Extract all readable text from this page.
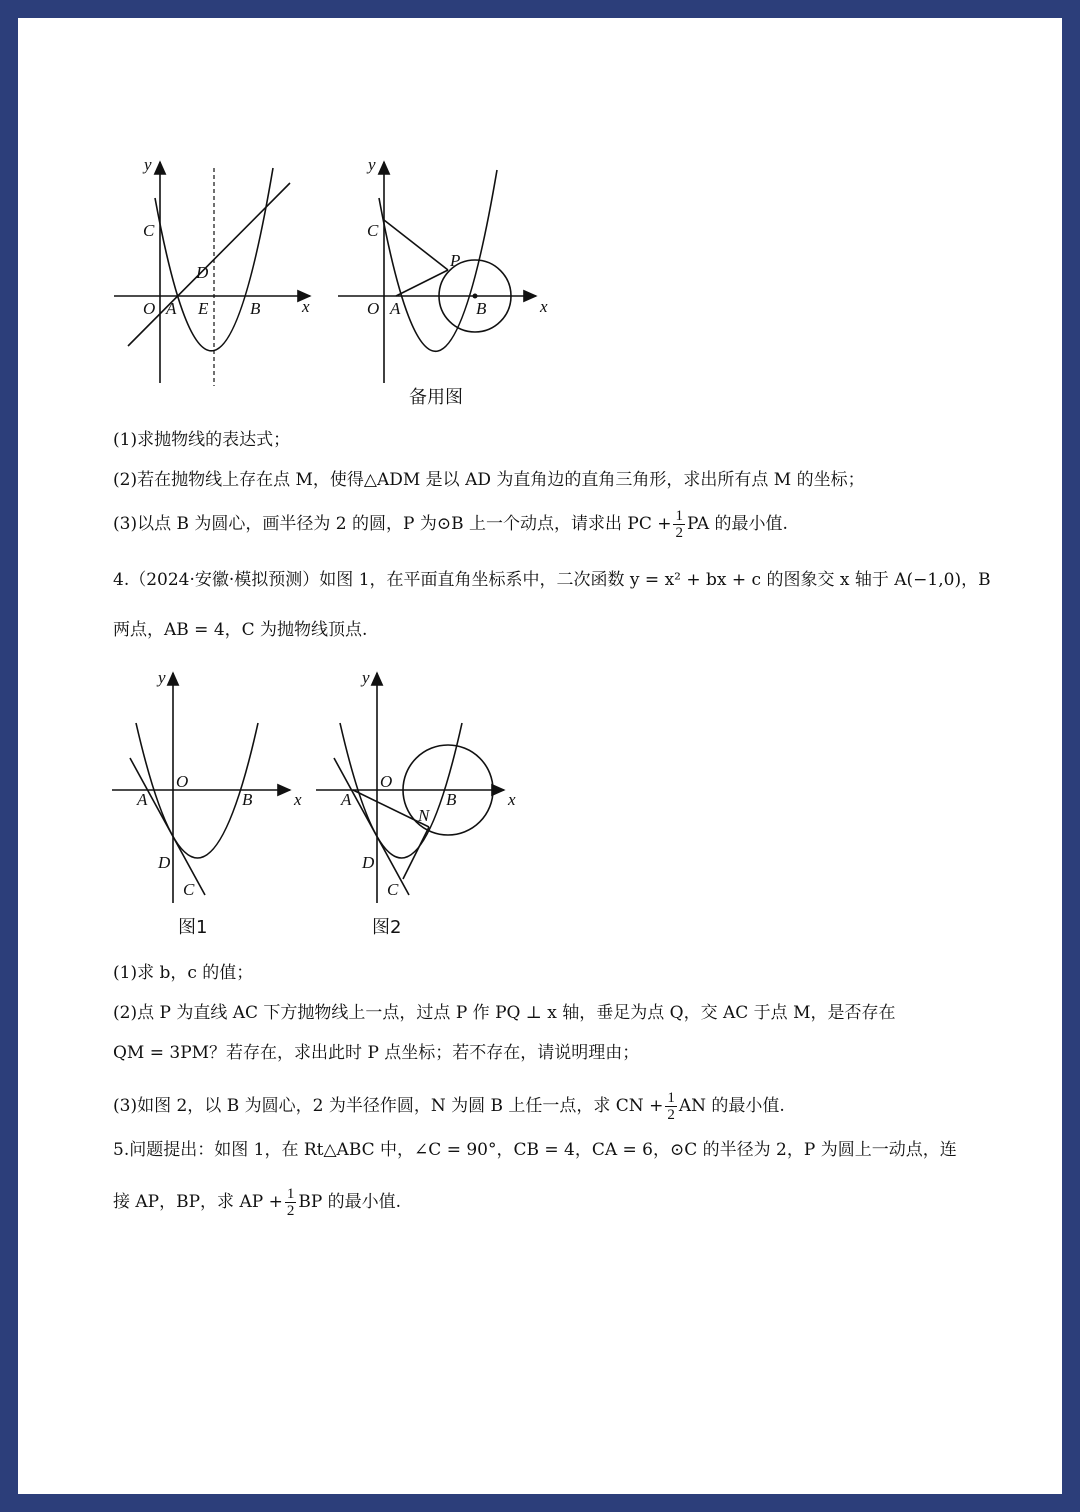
y
x
C
D
O A E B
y
x
C
P
O A	B
备用图
(1)求抛物线的表达式；
(2)若在抛物线上存在点 M，使得△ADM 是以 AD 为直角边的直角三角形，求出所有点 M 的坐标；
(3)以点 B 为圆心，画半径为 2 的圆，P 为⊙B 上一个动点，请求出 PC + $\frac{1}{2}$ PA 的最小值.
4.（2024·安徽·模拟预测）如图 1，在平面直角坐标系中，二次函数 y = x² + bx + c 的图象交 x 轴于 A(−1,0)，B
两点，AB = 4，C 为抛物线顶点.
y
x
O
A	B
D
C
图1
y
x
O
A	B
N
D
C
图2
(1)求 b，c 的值；
(2)点 P 为直线 AC 下方抛物线上一点，过点 P 作 PQ ⊥ x 轴，垂足为点 Q，交 AC 于点 M，是否存在
QM = 3PM？若存在，求出此时 P 点坐标；若不存在，请说明理由；
(3)如图 2，以 B 为圆心，2 为半径作圆，N 为圆 B 上任一点，求 CN + $\frac{1}{2}$ AN 的最小值.
5.问题提出：如图 1，在 Rt△ABC 中，∠C = 90°，CB = 4，CA = 6，⊙C 的半径为 2，P 为圆上一动点，连
接 AP，BP，求 AP + $\frac{1}{2}$ BP 的最小值.
